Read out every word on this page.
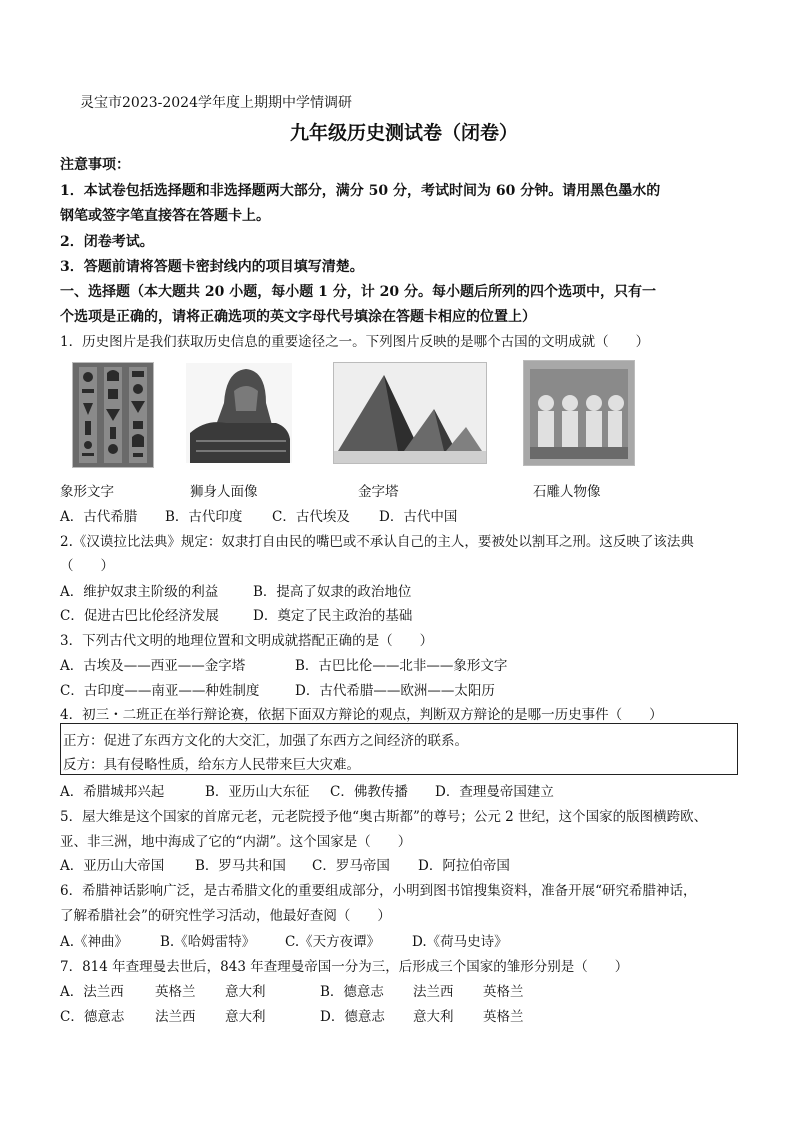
灵宝市2023-2024学年度上期期中学情调研
九年级历史测试卷（闭卷）
注意事项：
1．本试卷包括选择题和非选择题两大部分，满分 50 分，考试时间为 60 分钟。请用黑色墨水的
钢笔或签字笔直接答在答题卡上。
2．闭卷考试。
3．答题前请将答题卡密封线内的项目填写清楚。
一、选择题（本大题共 20 小题，每小题 1 分，计 20 分。每小题后所列的四个选项中，只有一
个选项是正确的，请将正确选项的英文字母代号填涂在答题卡相应的位置上）
1．历史图片是我们获取历史信息的重要途径之一。下列图片反映的是哪个古国的文明成就（　　）
象形文字	狮身人面像	金字塔	石雕人物像
A．古代希腊 B．古代印度 C．古代埃及 D．古代中国
2.《汉谟拉比法典》规定：奴隶打自由民的嘴巴或不承认自己的主人，要被处以割耳之刑。这反映了该法典
（　　）
A．维护奴隶主阶级的利益	B．提高了奴隶的政治地位
C．促进古巴比伦经济发展	D．奠定了民主政治的基础
3．下列古代文明的地理位置和文明成就搭配正确的是（　　）
A．古埃及——西亚——金字塔	B．古巴比伦——北非——象形文字
C．古印度——南亚——种姓制度	D．古代希腊——欧洲——太阳历
4．初三・二班正在举行辩论赛，依据下面双方辩论的观点，判断双方辩论的是哪一历史事件（　　）
正方：促进了东西方文化的大交汇，加强了东西方之间经济的联系。
反方：具有侵略性质，给东方人民带来巨大灾难。
A．希腊城邦兴起	B．亚历山大东征 C．佛教传播 D．查理曼帝国建立
5．屋大维是这个国家的首席元老，元老院授予他“奥古斯都”的尊号；公元 2 世纪，这个国家的版图横跨欧、
亚、非三洲，地中海成了它的“内湖”。这个国家是（　　）
A．亚历山大帝国 B．罗马共和国 C．罗马帝国 D．阿拉伯帝国
6．希腊神话影响广泛，是古希腊文化的重要组成部分，小明到图书馆搜集资料，准备开展“研究希腊神话，
了解希腊社会”的研究性学习活动，他最好查阅（　　）
A.《神曲》 B.《哈姆雷特》 C.《天方夜谭》 D.《荷马史诗》
7．814 年查理曼去世后，843 年查理曼帝国一分为三，后形成三个国家的雏形分别是（　　）
A．法兰西 英格兰 意大利	B．德意志 法兰西 英格兰
C．德意志 法兰西 意大利	D．德意志 意大利 英格兰
